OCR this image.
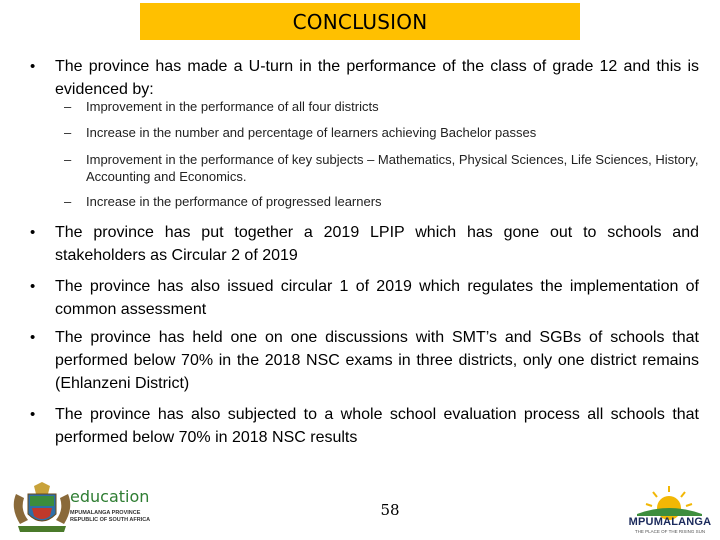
CONCLUSION
• The province has made a U-turn in the performance of the class of grade 12 and this is evidenced by:
– Improvement in the performance of all four districts
– Increase in the number and percentage of learners achieving Bachelor passes
– Improvement in the performance of key subjects – Mathematics, Physical Sciences, Life Sciences, History, Accounting and Economics.
– Increase in the performance of progressed learners
• The province has put together a 2019 LPIP which has gone out to schools and stakeholders as Circular 2 of 2019
• The province has also issued circular 1 of 2019 which regulates the implementation of common assessment
• The province has held one on one discussions with SMT’s and SGBs of schools that performed below 70% in the 2018 NSC exams in three districts, only one district remains (Ehlanzeni District)
• The province has also subjected to a whole school evaluation process all schools that performed below 70% in 2018 NSC results
58
education
MPUMALANGA PROVINCE REPUBLIC OF SOUTH AFRICA	MPUMALANGA
THE PLACE OF THE RISING SUN
